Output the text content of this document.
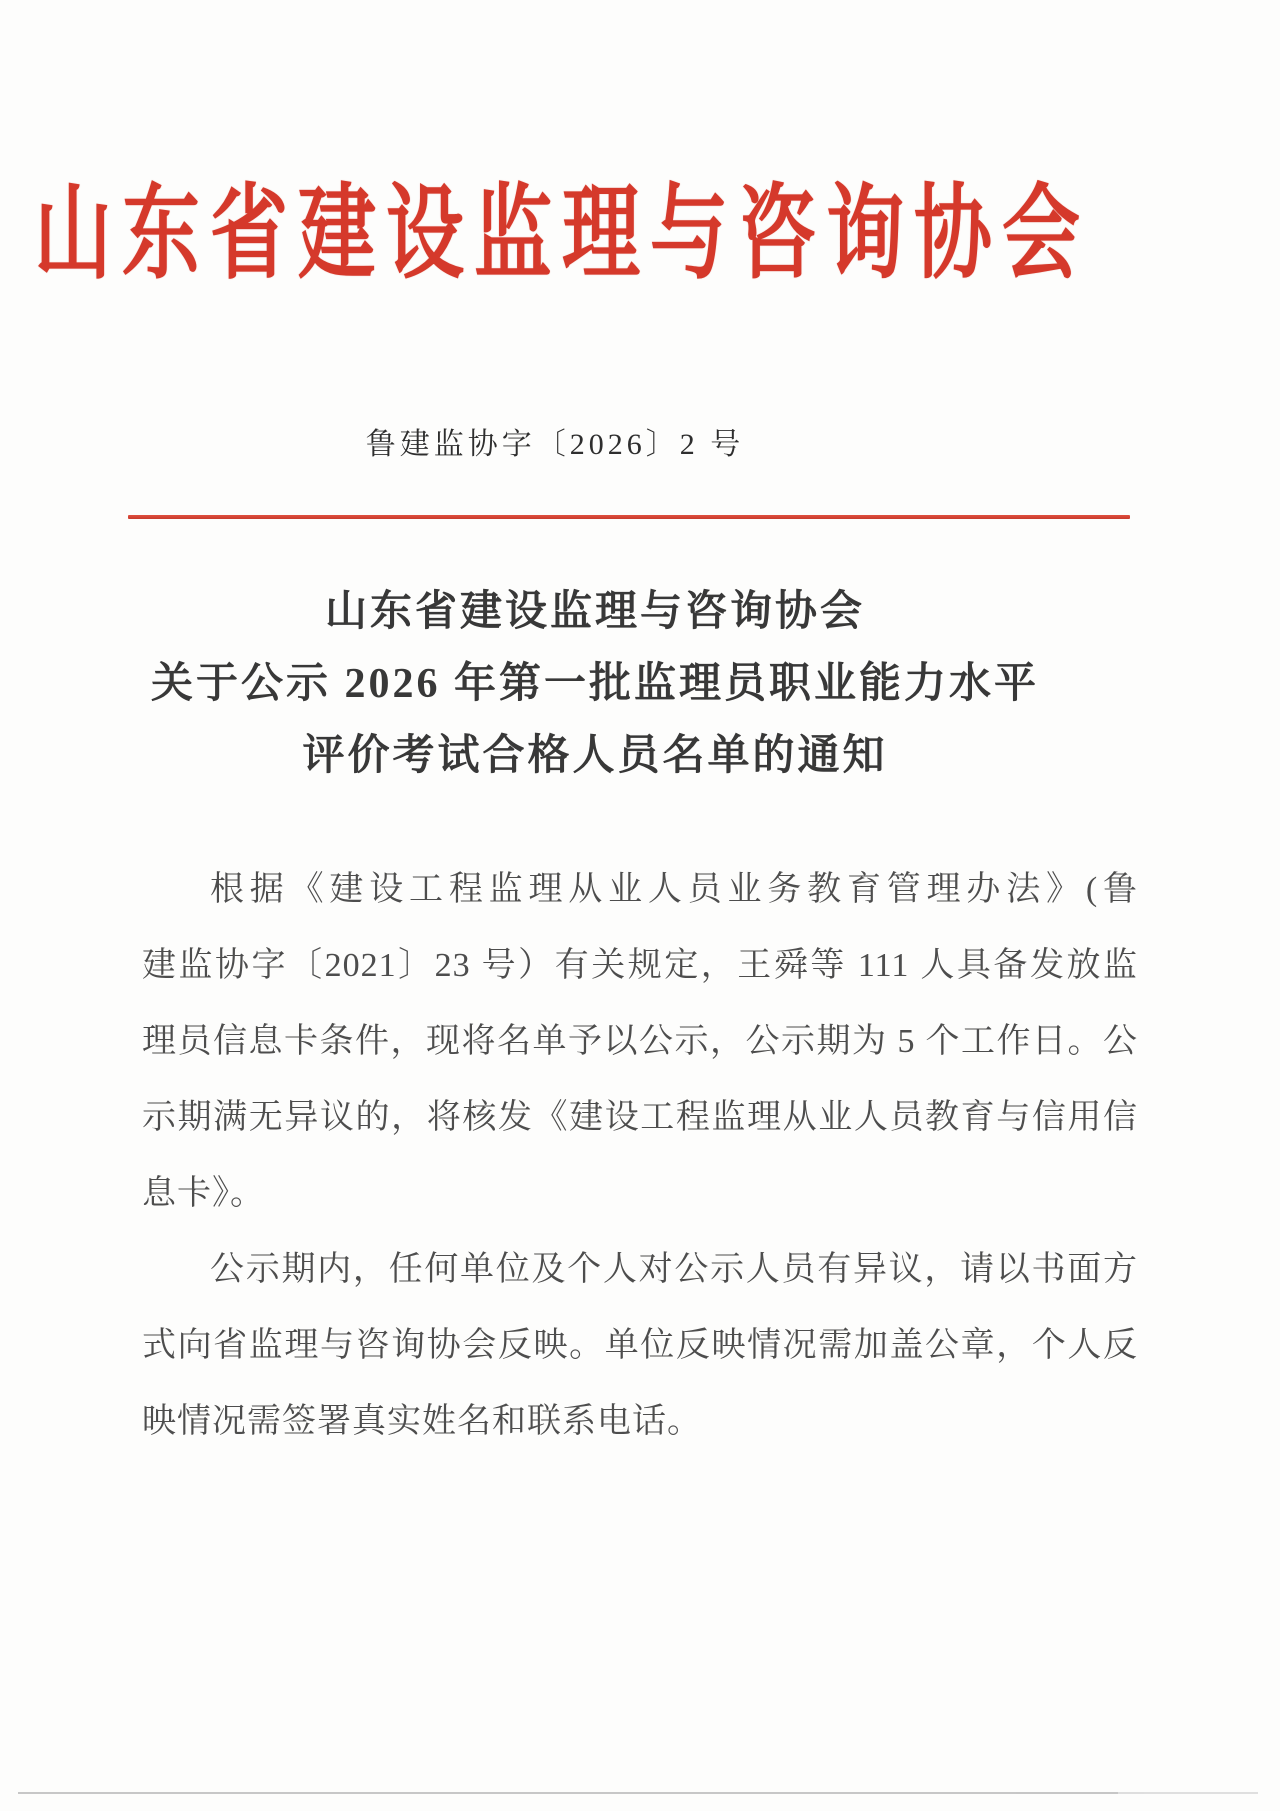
山东省建设监理与咨询协会
鲁建监协字〔2026〕2 号
山东省建设监理与咨询协会
关于公示 2026 年第一批监理员职业能力水平
评价考试合格人员名单的通知
根据《建设工程监理从业人员业务教育管理办法》(鲁
建监协字〔2021〕23 号）有关规定，王舜等 111 人具备发放监
理员信息卡条件，现将名单予以公示，公示期为 5 个工作日。公
示期满无异议的，将核发《建设工程监理从业人员教育与信用信
息卡》。
公示期内，任何单位及个人对公示人员有异议，请以书面方
式向省监理与咨询协会反映。单位反映情况需加盖公章，个人反
映情况需签署真实姓名和联系电话。
